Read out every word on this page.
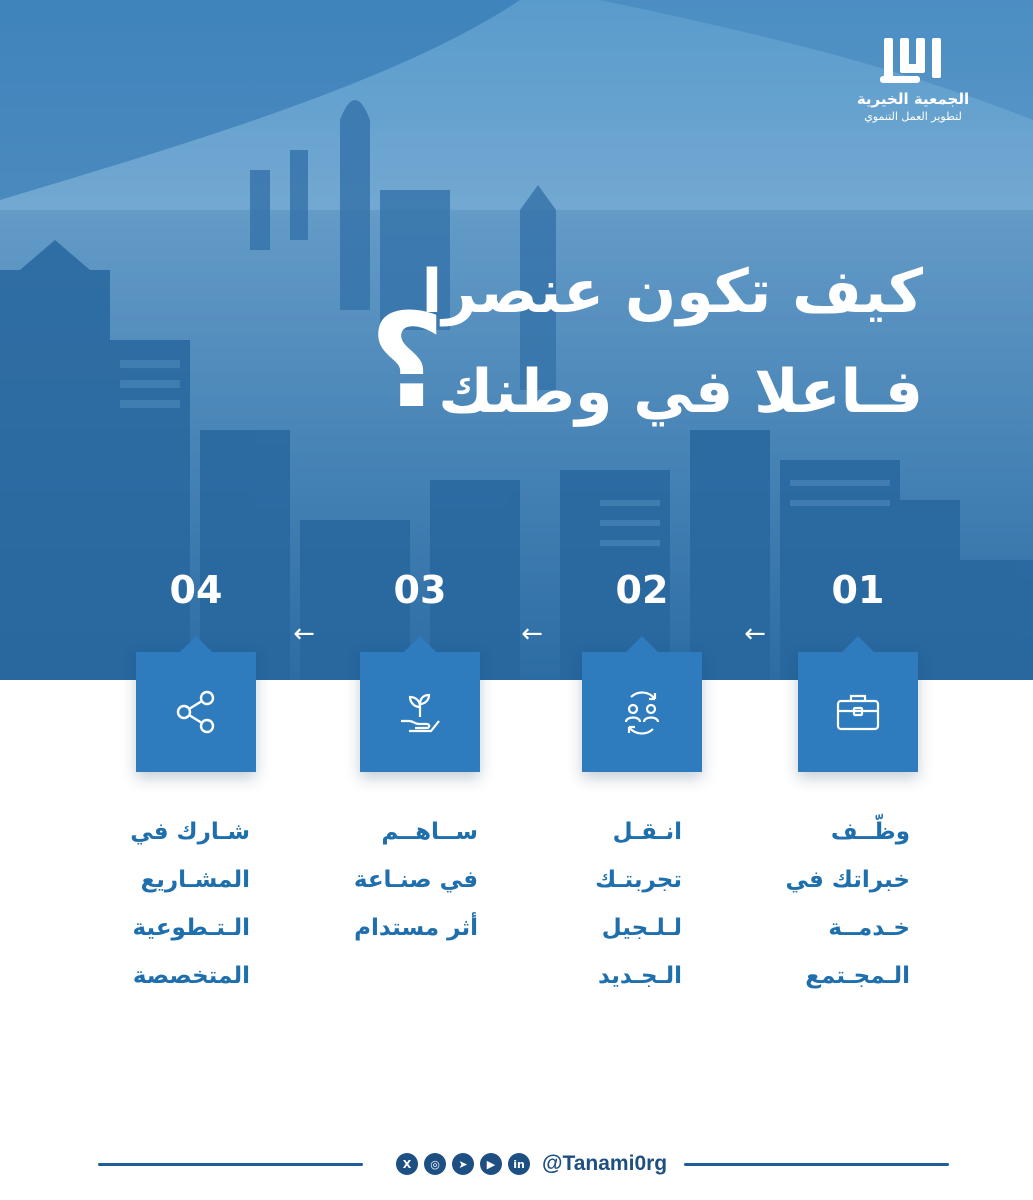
الجمعية الخيرية
لتطوير العمل التنموي
كيف تكون عنصرا
فـاعلا في وطنك
؟
01
02
03
04
←
←
←
وظّــف
خبراتك في
خـدمــة
الـمجـتمع
انـقـل
تجربتـك
لـلـجيل
الـجـديد
ســاهــم
في صنـاعة
أثر مستدام
شـارك في
المشـاريع
الـتـطوعية
المتخصصة
X	◎	➤	▶	in @Tanami0rg
